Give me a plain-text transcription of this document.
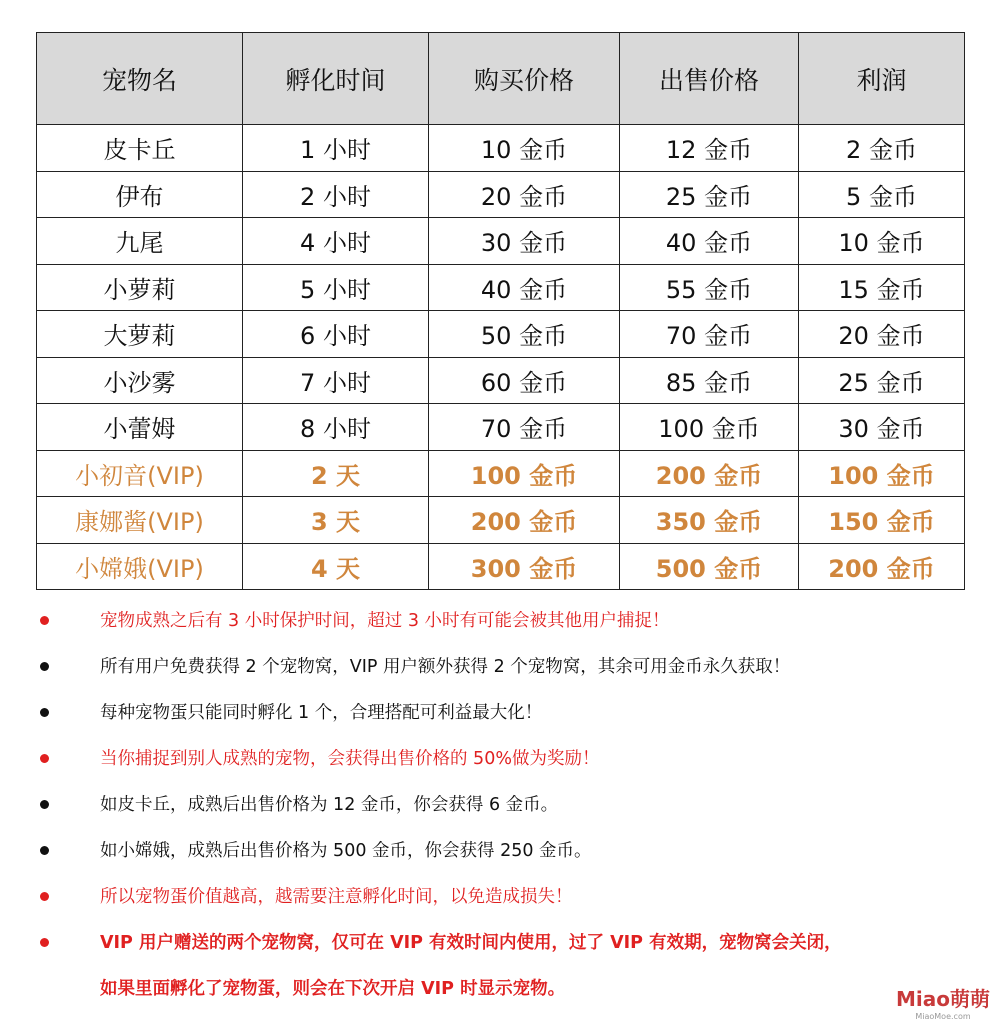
宠物名	孵化时间	购买价格	出售价格	利润
皮卡丘	1 小时	10 金币	12 金币	2 金币
伊布	2 小时	20 金币	25 金币	5 金币
九尾	4 小时	30 金币	40 金币	10 金币
小萝莉	5 小时	40 金币	55 金币	15 金币
大萝莉	6 小时	50 金币	70 金币	20 金币
小沙雾	7 小时	60 金币	85 金币	25 金币
小蕾姆	8 小时	70 金币	100 金币	30 金币
小初音(VIP)	2 天	100 金币	200 金币	100 金币
康娜酱(VIP)	3 天	200 金币	350 金币	150 金币
小嫦娥(VIP)	4 天	300 金币	500 金币	200 金币
宠物成熟之后有 3 小时保护时间，超过 3 小时有可能会被其他用户捕捉！
所有用户免费获得 2 个宠物窝，VIP 用户额外获得 2 个宠物窝，其余可用金币永久获取！
每种宠物蛋只能同时孵化 1 个，合理搭配可利益最大化！
当你捕捉到别人成熟的宠物，会获得出售价格的 50%做为奖励！
如皮卡丘，成熟后出售价格为 12 金币，你会获得 6 金币。
如小嫦娥，成熟后出售价格为 500 金币，你会获得 250 金币。
所以宠物蛋价值越高，越需要注意孵化时间，以免造成损失！
VIP 用户赠送的两个宠物窝，仅可在 VIP 有效时间内使用，过了 VIP 有效期，宠物窝会关闭，
如果里面孵化了宠物蛋，则会在下次开启 VIP 时显示宠物。	Miao萌萌
MiaoMoe.com
